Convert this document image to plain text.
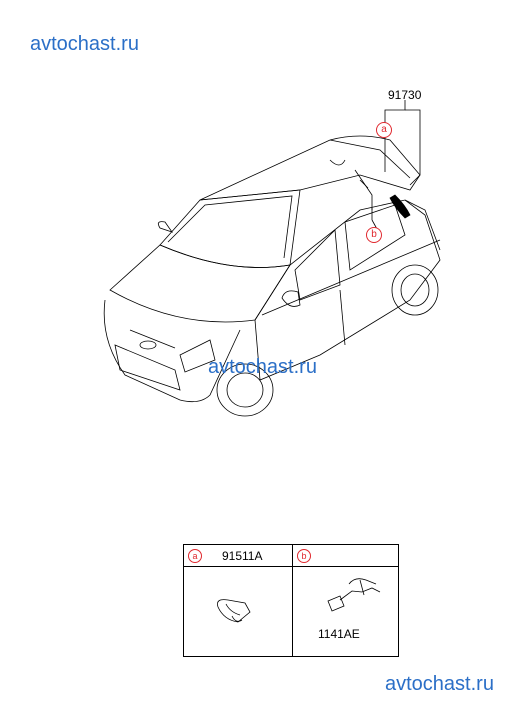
avtochast.ru
avtochast.ru
avtochast.ru
91730
a
b
a	91511A	b
1141AE
